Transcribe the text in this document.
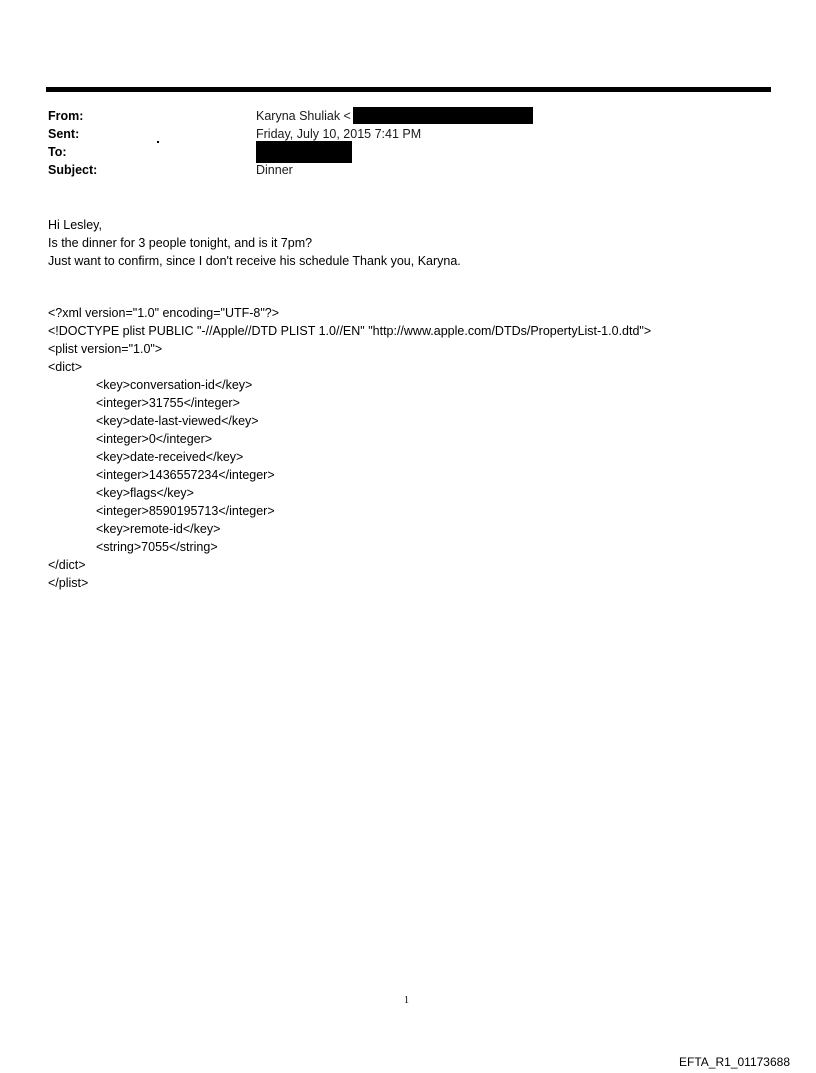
From:	Karyna Shuliak <
Sent:	Friday, July 10, 2015 7:41 PM
To:
Subject:	Dinner
Hi Lesley,
Is the dinner for 3 people tonight, and is it 7pm?
Just want to confirm, since I don't receive his schedule Thank you, Karyna.
<?xml version="1.0" encoding="UTF-8"?>
<!DOCTYPE plist PUBLIC "-//Apple//DTD PLIST 1.0//EN" "http://www.apple.com/DTDs/PropertyList-1.0.dtd">
<plist version="1.0">
<dict>
<key>conversation-id</key>
<integer>31755</integer>
<key>date-last-viewed</key>
<integer>0</integer>
<key>date-received</key>
<integer>1436557234</integer>
<key>flags</key>
<integer>8590195713</integer>
<key>remote-id</key>
<string>7055</string>
</dict>
</plist>
1
EFTA_R1_01173688
